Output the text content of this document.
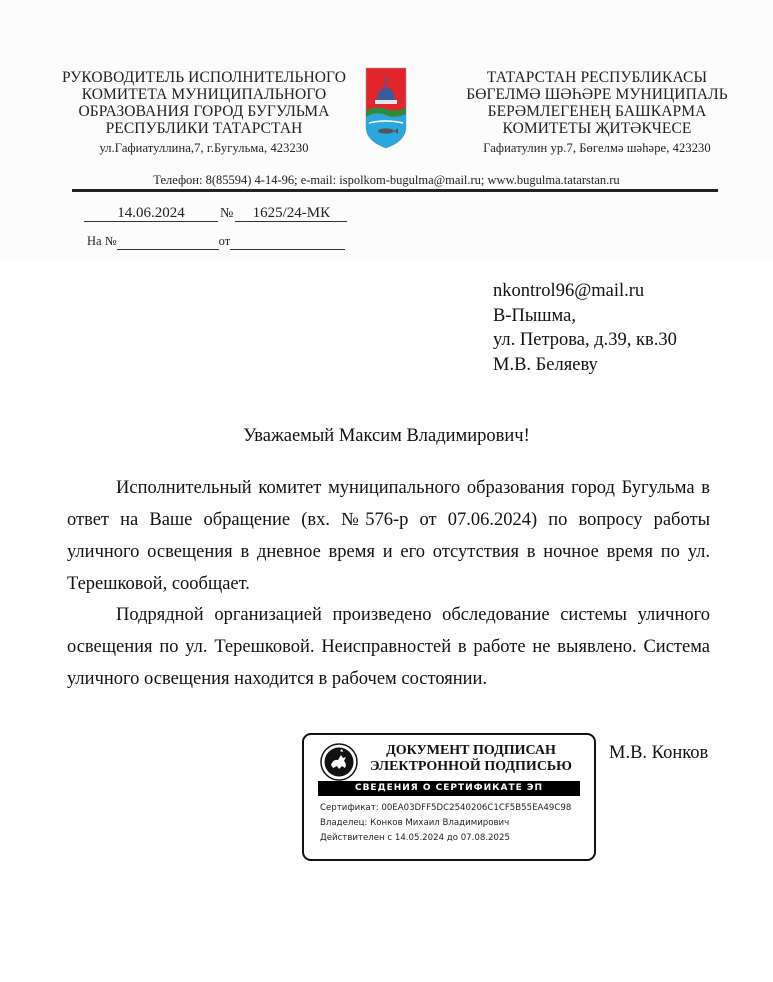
РУКОВОДИТЕЛЬ ИСПОЛНИТЕЛЬНОГО
КОМИТЕТА МУНИЦИПАЛЬНОГО
ОБРАЗОВАНИЯ ГОРОД БУГУЛЬМА
РЕСПУБЛИКИ ТАТАРСТАН
ул.Гафиатуллина,7, г.Бугульма, 423230
ТАТАРСТАН РЕСПУБЛИКАСЫ
БӨГЕЛМӘ ШӘҺӘРЕ МУНИЦИПАЛЬ
БЕРӘМЛЕГЕНЕҢ БАШКАРМА
КОМИТЕТЫ ҖИТӘКЧЕСЕ
Гафиатулин ур.7, Бөгелмә шәһәре, 423230
Телефон: 8(85594) 4-14-96; e-mail: ispolkom-bugulma@mail.ru; www.bugulma.tatarstan.ru
14.06.2024	№ 1625/24-МК
На №	от
nkontrol96@mail.ru
В-Пышма,
ул. Петрова, д.39, кв.30
М.В. Беляеву
Уважаемый Максим Владимирович!
Исполнительный комитет муниципального образования город Бугульма в ответ на Ваше обращение (вх. №576-р от 07.06.2024) по вопросу работы уличного освещения в дневное время и его отсутствия в ночное время по ул. Терешковой, сообщает.
Подрядной организацией произведено обследование системы уличного освещения по ул. Терешковой. Неисправностей в работе не выявлено. Система уличного освещения находится в рабочем состоянии.
ДОКУМЕНТ ПОДПИСАН
ЭЛЕКТРОННОЙ ПОДПИСЬЮ
СВЕДЕНИЯ О СЕРТИФИКАТЕ ЭП
Сертификат: 00EA03DFF5DC2540206C1CF5B55EA49C98
Владелец: Конков Михаил Владимирович
Действителен с 14.05.2024 до 07.08.2025
М.В. Конков
